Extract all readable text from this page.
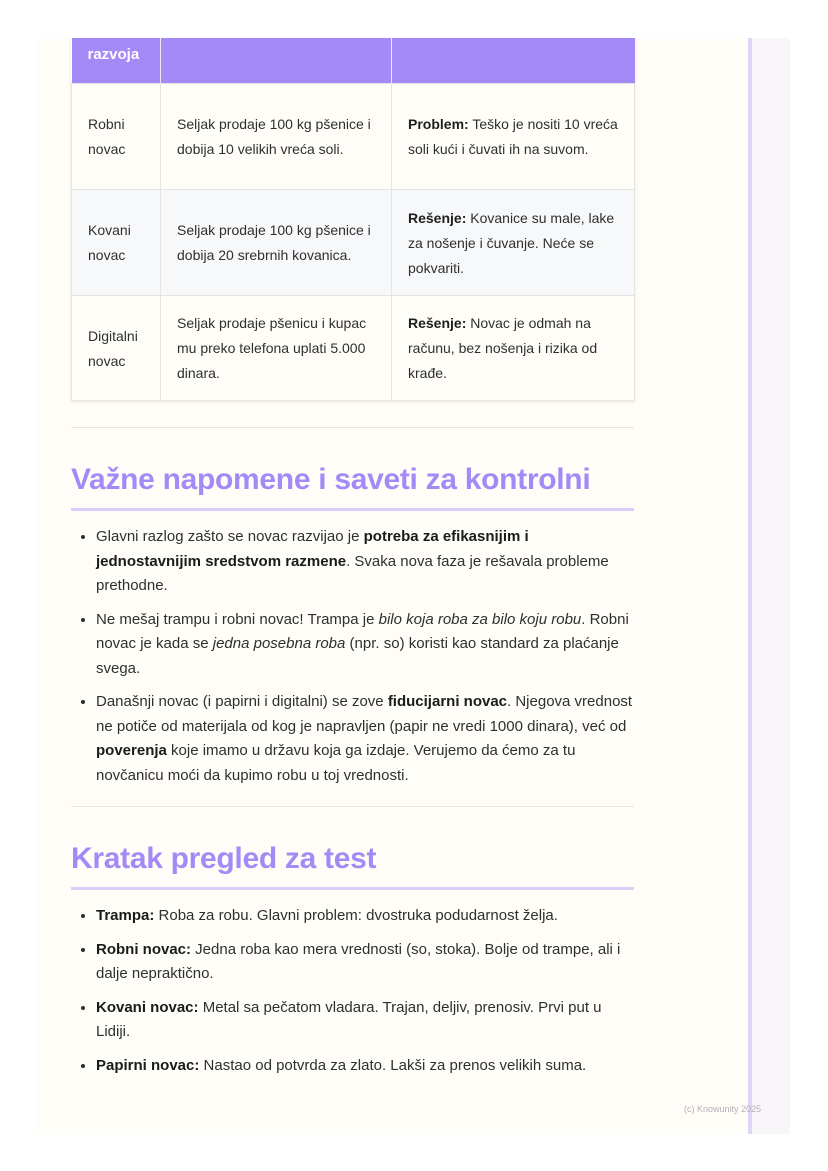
razvoja		
Robni novac	Seljak prodaje 100 kg pšenice i dobija 10 velikih vreća soli.	Problem: Teško je nositi 10 vreća soli kući i čuvati ih na suvom.
Kovani novac	Seljak prodaje 100 kg pšenice i dobija 20 srebrnih kovanica.	Rešenje: Kovanice su male, lake za nošenje i čuvanje. Neće se pokvariti.
Digitalni novac	Seljak prodaje pšenicu i kupac mu preko telefona uplati 5.000 dinara.	Rešenje: Novac je odmah na računu, bez nošenja i rizika od krađe.
Važne napomene i saveti za kontrolni
• Glavni razlog zašto se novac razvijao je potreba za efikasnijim i jednostavnijim sredstvom razmene. Svaka nova faza je rešavala probleme prethodne.
• Ne mešaj trampu i robni novac! Trampa je bilo koja roba za bilo koju robu. Robni novac je kada se jedna posebna roba (npr. so) koristi kao standard za plaćanje svega.
• Današnji novac (i papirni i digitalni) se zove fiducijarni novac. Njegova vrednost ne potiče od materijala od kog je napravljen (papir ne vredi 1000 dinara), već od poverenja koje imamo u državu koja ga izdaje. Verujemo da ćemo za tu novčanicu moći da kupimo robu u toj vrednosti.
Kratak pregled za test
• Trampa: Roba za robu. Glavni problem: dvostruka podudarnost želja.
• Robni novac: Jedna roba kao mera vrednosti (so, stoka). Bolje od trampe, ali i dalje nepraktično.
• Kovani novac: Metal sa pečatom vladara. Trajan, deljiv, prenosiv. Prvi put u Lidiji.
• Papirni novac: Nastao od potvrda za zlato. Lakši za prenos velikih suma.
(c) Knowunity 2025
